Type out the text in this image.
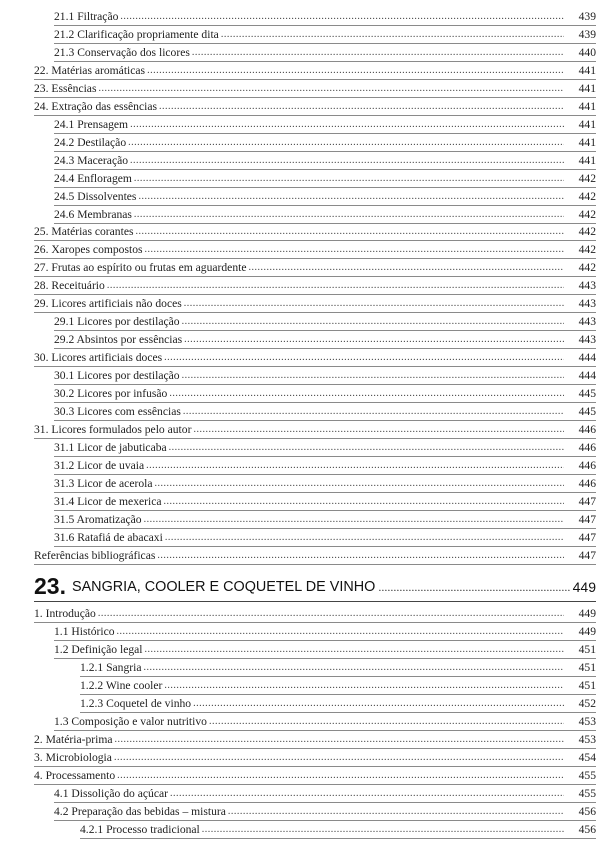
21.1 Filtração .....	439
21.2 Clarificação propriamente dita .....	439
21.3 Conservação dos licores .....	440
22. Matérias aromáticas .....	441
23. Essências .....	441
24. Extração das essências .....	441
24.1 Prensagem .....	441
24.2 Destilação .....	441
24.3 Maceração .....	441
24.4 Enfloragem .....	442
24.5 Dissolventes .....	442
24.6 Membranas .....	442
25. Matérias corantes .....	442
26. Xaropes compostos .....	442
27. Frutas ao espírito ou frutas em aguardente .....	442
28. Receituário .....	443
29. Licores artificiais não doces .....	443
29.1 Licores por destilação .....	443
29.2 Absintos por essências .....	443
30. Licores artificiais doces .....	444
30.1 Licores por destilação .....	444
30.2 Licores por infusão .....	445
30.3 Licores com essências .....	445
31. Licores formulados pelo autor .....	446
31.1 Licor de jabuticaba .....	446
31.2 Licor de uvaia .....	446
31.3 Licor de acerola .....	446
31.4 Licor de mexerica .....	447
31.5 Aromatização .....	447
31.6 Ratafiá de abacaxi .....	447
Referências bibliográficas .....	447
23. SANGRIA, COOLER E COQUETEL DE VINHO .....	449
1. Introdução .....	449
1.1 Histórico .....	449
1.2 Definição legal .....	451
1.2.1 Sangria .....	451
1.2.2 Wine cooler .....	451
1.2.3 Coquetel de vinho .....	452
1.3 Composição e valor nutritivo .....	453
2. Matéria-prima .....	453
3. Microbiologia .....	454
4. Processamento .....	455
4.1 Dissolição do açúcar .....	455
4.2 Preparação das bebidas – mistura .....	456
4.2.1 Processo tradicional .....	456
